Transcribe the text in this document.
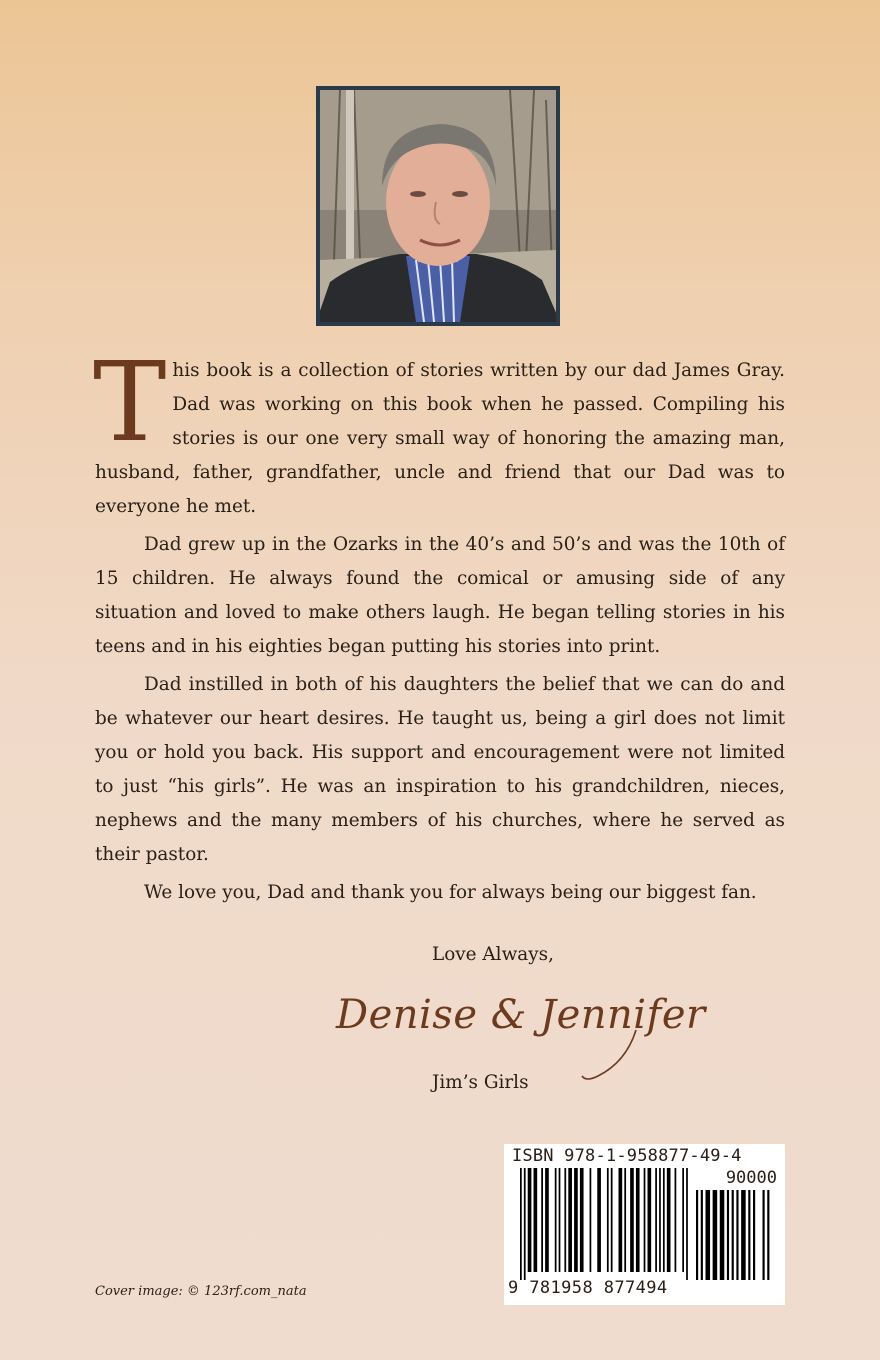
This book is a collection of stories written by our dad James Gray. Dad was working on this book when he passed. Compiling his stories is our one very small way of honoring the amazing man, husband, father, grandfather, uncle and friend that our Dad was to everyone he met.

Dad grew up in the Ozarks in the 40’s and 50’s and was the 10th of 15 children. He always found the comical or amusing side of any situation and loved to make others laugh. He began telling stories in his teens and in his eighties began putting his stories into print.

Dad instilled in both of his daughters the belief that we can do and be whatever our heart desires. He taught us, being a girl does not limit you or hold you back. His support and encouragement were not limited to just “his girls”. He was an inspiration to his grandchildren, nieces, nephews and the many members of his churches, where he served as their pastor.

We love you, Dad and thank you for always being our biggest fan.

Love Always,
Denise & Jennifer
Jim’s Girls
Cover image: © 123rf.com_nata
ISBN 978-1-958877-49-4
90000
9 781958 877494
